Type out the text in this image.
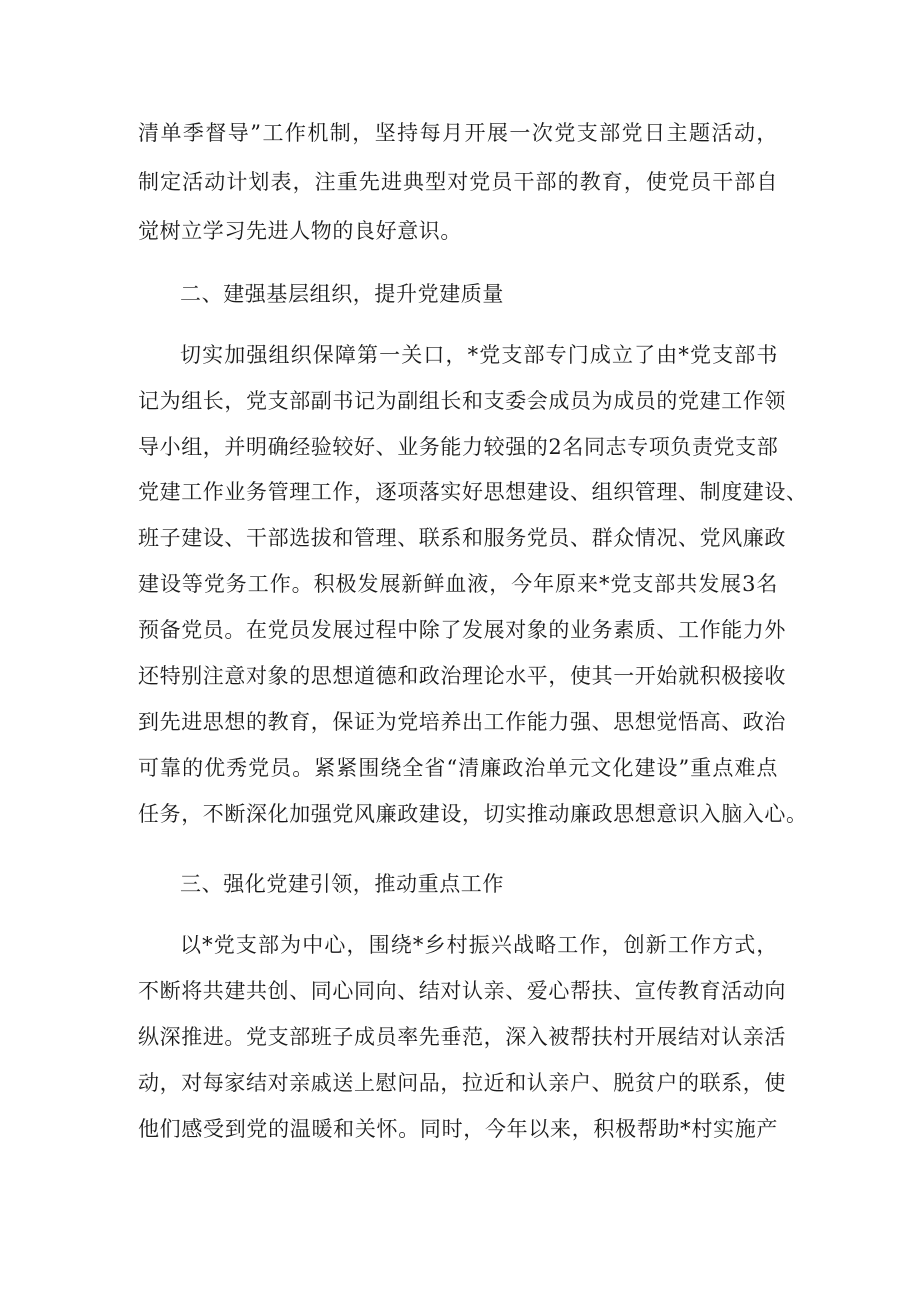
清单季督导”工作机制，坚持每月开展一次党支部党日主题活动，
制定活动计划表，注重先进典型对党员干部的教育，使党员干部自
觉树立学习先进人物的良好意识。
二、建强基层组织，提升党建质量
切实加强组织保障第一关口，*党支部专门成立了由*党支部书
记为组长，党支部副书记为副组长和支委会成员为成员的党建工作领
导小组，并明确经验较好、业务能力较强的2名同志专项负责党支部
党建工作业务管理工作，逐项落实好思想建设、组织管理、制度建设、
班子建设、干部选拔和管理、联系和服务党员、群众情况、党风廉政
建设等党务工作。积极发展新鲜血液，今年原来*党支部共发展3名
预备党员。在党员发展过程中除了发展对象的业务素质、工作能力外
还特别注意对象的思想道德和政治理论水平，使其一开始就积极接收
到先进思想的教育，保证为党培养出工作能力强、思想觉悟高、政治
可靠的优秀党员。紧紧围绕全省“清廉政治单元文化建设”重点难点
任务，不断深化加强党风廉政建设，切实推动廉政思想意识入脑入心。
三、强化党建引领，推动重点工作
以*党支部为中心，围绕*乡村振兴战略工作，创新工作方式，
不断将共建共创、同心同向、结对认亲、爱心帮扶、宣传教育活动向
纵深推进。党支部班子成员率先垂范，深入被帮扶村开展结对认亲活
动，对每家结对亲戚送上慰问品，拉近和认亲户、脱贫户的联系，使
他们感受到党的温暖和关怀。同时，今年以来，积极帮助*村实施产
